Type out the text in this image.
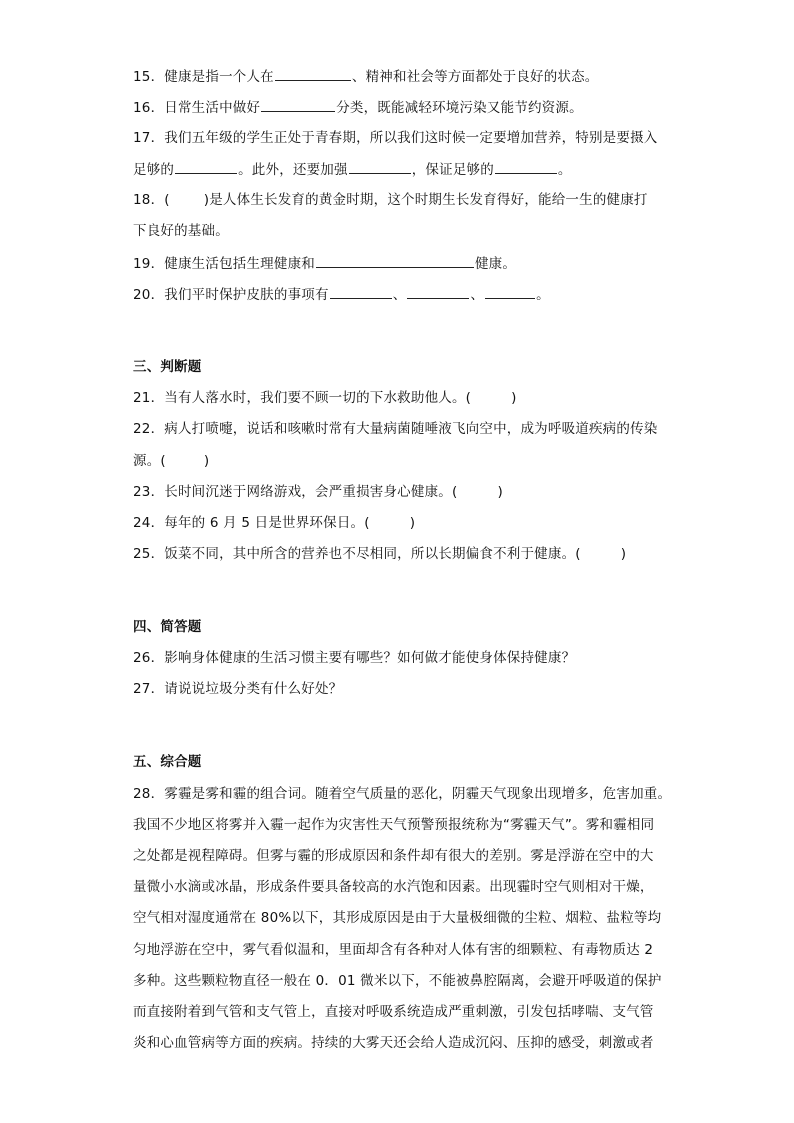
15．健康是指一个人在	、精神和社会等方面都处于良好的状态。
16．日常生活中做好	分类，既能减轻环境污染又能节约资源。
17．我们五年级的学生正处于青春期，所以我们这时候一定要增加营养，特别是要摄入
足够的	。此外，还要加强	，保证足够的	。
18．(	)是人体生长发育的黄金时期，这个时期生长发育得好，能给一生的健康打
下良好的基础。
19．健康生活包括生理健康和	健康。
20．我们平时保护皮肤的事项有	、	、	。
三、判断题
21．当有人落水时，我们要不顾一切的下水救助他人。(	)
22．病人打喷嚏，说话和咳嗽时常有大量病菌随唾液飞向空中，成为呼吸道疾病的传染
源。(	)
23．长时间沉迷于网络游戏，会严重损害身心健康。(	)
24．每年的 6 月 5 日是世界环保日。(	)
25．饭菜不同，其中所含的营养也不尽相同，所以长期偏食不利于健康。(	)
四、简答题
26．影响身体健康的生活习惯主要有哪些？如何做才能使身体保持健康？
27．请说说垃圾分类有什么好处？
五、综合题
28．雾霾是雾和霾的组合词。随着空气质量的恶化，阴霾天气现象出现增多，危害加重。
我国不少地区将雾并入霾一起作为灾害性天气预警预报统称为“雾霾天气”。雾和霾相同
之处都是视程障碍。但雾与霾的形成原因和条件却有很大的差别。雾是浮游在空中的大
量微小水滴或冰晶，形成条件要具备较高的水汽饱和因素。出现霾时空气则相对干燥，
空气相对湿度通常在 80%以下，其形成原因是由于大量极细微的尘粒、烟粒、盐粒等均
匀地浮游在空中，雾气看似温和，里面却含有各种对人体有害的细颗粒、有毒物质达 2
多种。这些颗粒物直径一般在 0．01 微米以下，不能被鼻腔隔离，会避开呼吸道的保护
而直接附着到气管和支气管上，直接对呼吸系统造成严重刺激，引发包括哮喘、支气管
炎和心血管病等方面的疾病。持续的大雾天还会给人造成沉闷、压抑的感受，刺激或者
